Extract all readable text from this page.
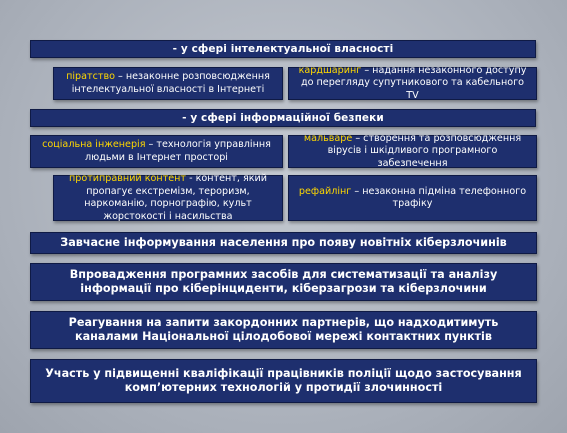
- у сфері інтелектуальної власності
піратство – незаконне розповсюдження інтелектуальної власності в Інтернеті
кардшаринг – надання незаконного доступу до перегляду супутникового та кабельного TV
- у сфері інформаційної безпеки
соціальна інженерія – технологія управління людьми в Інтернет просторі
мальваре – створення та розповсюдження вірусів і шкідливого програмного забезпечення
протиправний контент - контент, який пропагує екстремізм, тероризм, наркоманію, порнографію, культ жорстокості і насильства
рефайлінг – незаконна підміна телефонного трафіку
Завчасне інформування населення про появу новітніх кіберзлочинів
Впровадження програмних засобів для систематизації та аналізу інформації про кіберінциденти, кіберзагрози та кіберзлочини
Реагування на запити закордонних партнерів, що надходитимуть каналами Національної цілодобової мережі контактних пунктів
Участь у підвищенні кваліфікації працівників поліції щодо застосування комп’ютерних технологій у протидії злочинності
